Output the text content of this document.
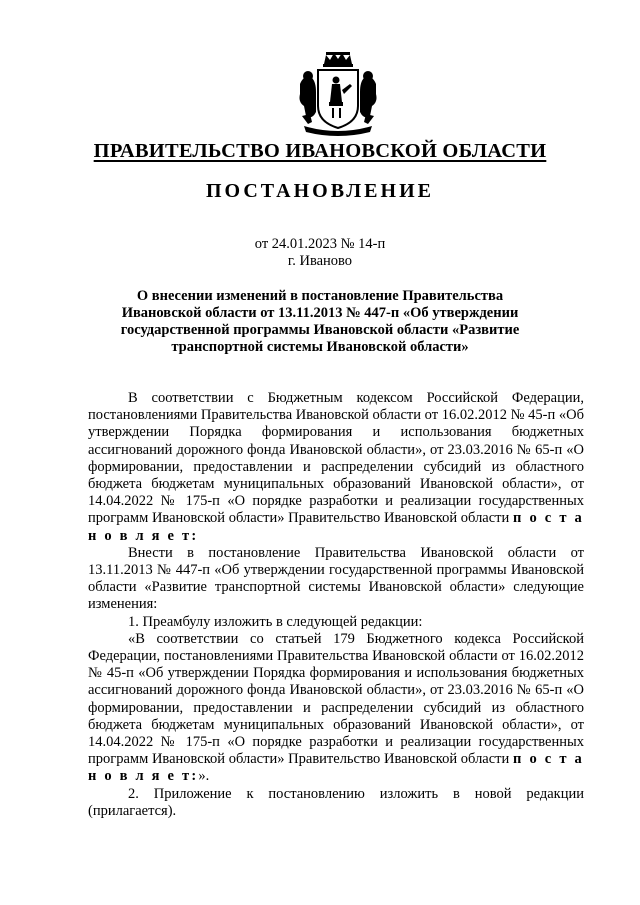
ПРАВИТЕЛЬСТВО ИВАНОВСКОЙ ОБЛАСТИ
ПОСТАНОВЛЕНИЕ
от 24.01.2023 № 14-п
г. Иваново
О внесении изменений в постановление Правительства Ивановской области от 13.11.2013 № 447-п «Об утверждении государственной программы Ивановской области «Развитие транспортной системы Ивановской области»

В соответствии с Бюджетным кодексом Российской Федерации, постановлениями Правительства Ивановской области от 16.02.2012 № 45-п «Об утверждении Порядка формирования и использования бюджетных ассигнований дорожного фонда Ивановской области», от 23.03.2016 № 65-п «О формировании, предоставлении и распределении субсидий из областного бюджета бюджетам муниципальных образований Ивановской области», от 14.04.2022 № 175-п «О порядке разработки и реализации государственных программ Ивановской области» Правительство Ивановской области п о с т а н о в л я е т:

Внести в постановление Правительства Ивановской области от 13.11.2013 № 447-п «Об утверждении государственной программы Ивановской области «Развитие транспортной системы Ивановской области» следующие изменения:

1. Преамбулу изложить в следующей редакции:

«В соответствии со статьей 179 Бюджетного кодекса Российской Федерации, постановлениями Правительства Ивановской области от 16.02.2012 № 45-п «Об утверждении Порядка формирования и использования бюджетных ассигнований дорожного фонда Ивановской области», от 23.03.2016 № 65-п «О формировании, предоставлении и распределении субсидий из областного бюджета бюджетам муниципальных образований Ивановской области», от 14.04.2022 № 175-п «О порядке разработки и реализации государственных программ Ивановской области» Правительство Ивановской области п о с т а н о в л я е т:».

2. Приложение к постановлению изложить в новой редакции (прилагается).
